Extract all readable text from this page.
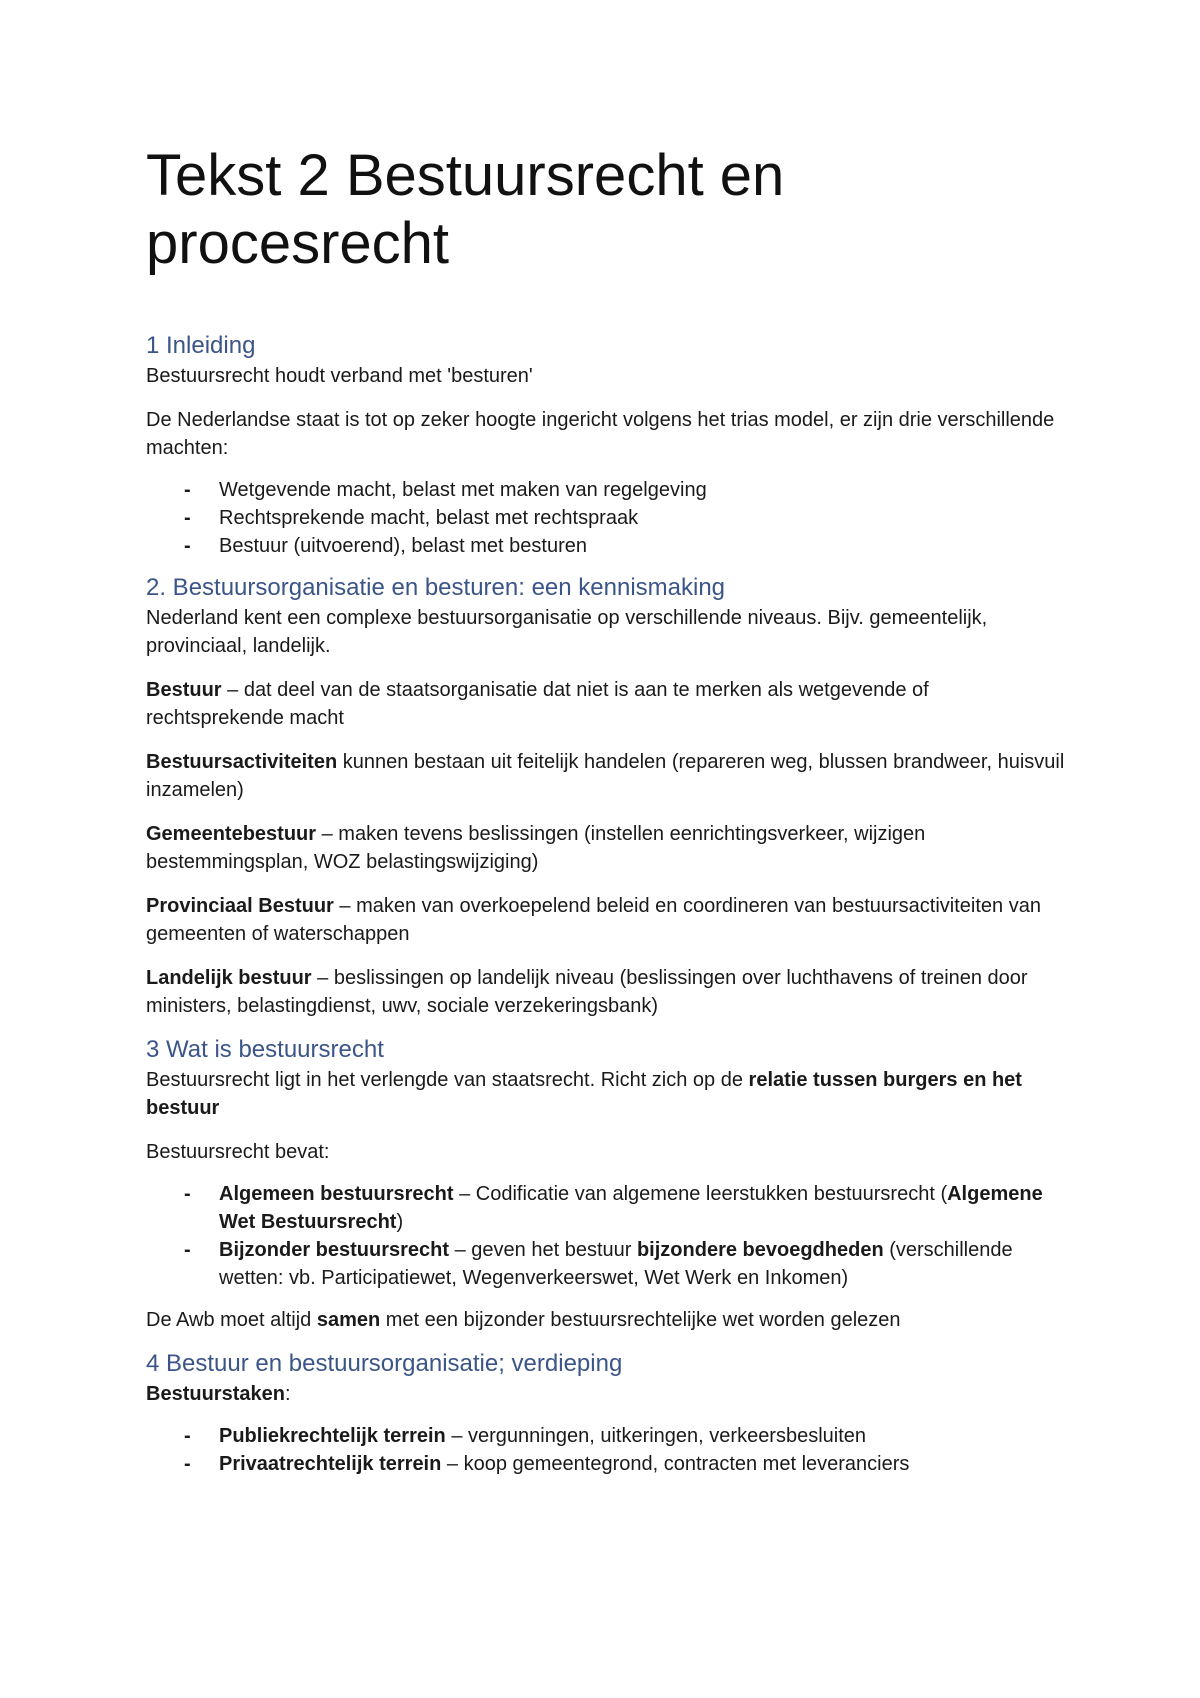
Tekst 2 Bestuursrecht en procesrecht
1 Inleiding
Bestuursrecht houdt verband met 'besturen'
De Nederlandse staat is tot op zeker hoogte ingericht volgens het trias model, er zijn drie verschillende machten:
- Wetgevende macht, belast met maken van regelgeving
- Rechtsprekende macht, belast met rechtspraak
- Bestuur (uitvoerend), belast met besturen
2. Bestuursorganisatie en besturen: een kennismaking
Nederland kent een complexe bestuursorganisatie op verschillende niveaus. Bijv. gemeentelijk, provinciaal, landelijk.
Bestuur – dat deel van de staatsorganisatie dat niet is aan te merken als wetgevende of rechtsprekende macht
Bestuursactiviteiten kunnen bestaan uit feitelijk handelen (repareren weg, blussen brandweer, huisvuil inzamelen)
Gemeentebestuur – maken tevens beslissingen (instellen eenrichtingsverkeer, wijzigen bestemmingsplan, WOZ belastingswijziging)
Provinciaal Bestuur – maken van overkoepelend beleid en coordineren van bestuursactiviteiten van gemeenten of waterschappen
Landelijk bestuur – beslissingen op landelijk niveau (beslissingen over luchthavens of treinen door ministers, belastingdienst, uwv, sociale verzekeringsbank)
3 Wat is bestuursrecht
Bestuursrecht ligt in het verlengde van staatsrecht. Richt zich op de relatie tussen burgers en het bestuur
Bestuursrecht bevat:
- Algemeen bestuursrecht – Codificatie van algemene leerstukken bestuursrecht (Algemene Wet Bestuursrecht)
- Bijzonder bestuursrecht – geven het bestuur bijzondere bevoegdheden (verschillende wetten: vb. Participatiewet, Wegenverkeerswet, Wet Werk en Inkomen)
De Awb moet altijd samen met een bijzonder bestuursrechtelijke wet worden gelezen
4 Bestuur en bestuursorganisatie; verdieping
Bestuurstaken:
- Publiekrechtelijk terrein – vergunningen, uitkeringen, verkeersbesluiten
- Privaatrechtelijk terrein – koop gemeentegrond, contracten met leveranciers
